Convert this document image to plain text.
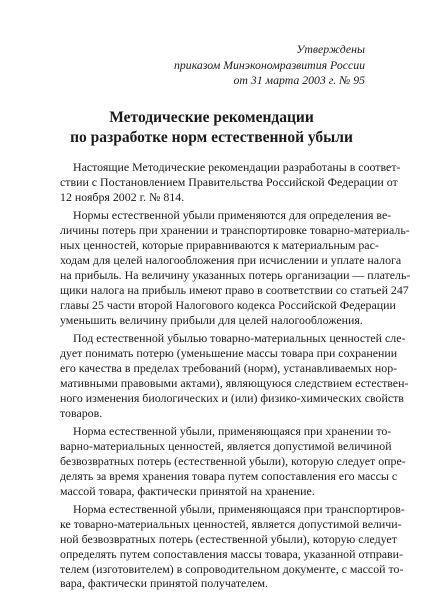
Утверждены
приказом Минэкономразвития России
от 31 марта 2003 г. № 95
Методические рекомендации
по разработке норм естественной убыли
Настоящие Методические рекомендации разработаны в соответ-
ствии с Постановлением Правительства Российской Федерации от
12 ноября 2002 г. № 814.
Нормы естественной убыли применяются для определения ве-
личины потерь при хранении и транспортировке товарно-материаль-
ных ценностей, которые приравниваются к материальным рас-
ходам для целей налогообложения при исчислении и уплате налога
на прибыль. На величину указанных потерь организации — платель-
щики налога на прибыль имеют право в соответствии со статьей 247
главы 25 части второй Налогового кодекса Российской Федерации
уменьшить величину прибыли для целей налогообложения.
Под естественной убылью товарно-материальных ценностей сле-
дует понимать потерю (уменьшение массы товара при сохранении
его качества в пределах требований (норм), устанавливаемых нор-
мативными правовыми актами), являющуюся следствием естествен-
ного изменения биологических и (или) физико-химических свойств
товаров.
Норма естественной убыли, применяющаяся при хранении то-
варно-материальных ценностей, является допустимой величиной
безвозвратных потерь (естественной убыли), которую следует опре-
делять за время хранения товара путем сопоставления его массы с
массой товара, фактически принятой на хранение.
Норма естественной убыли, применяющаяся при транспортиров-
ке товарно-материальных ценностей, является допустимой величи-
ной безвозвратных потерь (естественной убыли), которую следует
определять путем сопоставления массы товара, указанной отправи-
телем (изготовителем) в сопроводительном документе, с массой то-
вара, фактически принятой получателем.
